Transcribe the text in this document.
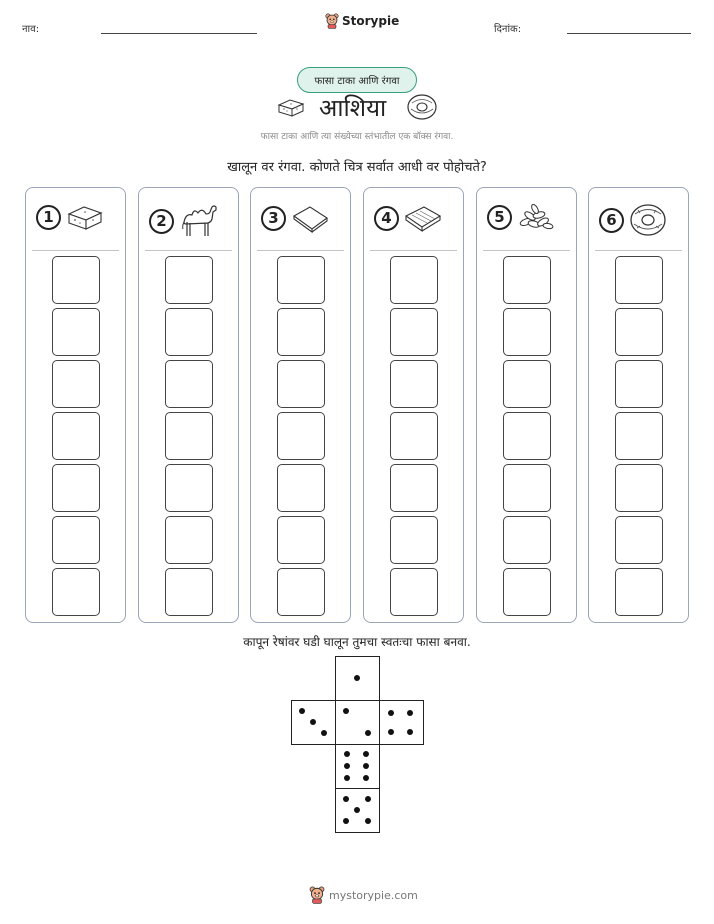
नाव:
Storypie
दिनांक:
फासा टाका आणि रंगवा
आशिया
फासा टाका आणि त्या संख्येच्या स्तंभातील एक बॉक्स रंगवा.
खालून वर रंगवा. कोणते चित्र सर्वात आधी वर पोहोचते?
1	2	3	4	5	6
कापून रेषांवर घडी घालून तुमचा स्वतःचा फासा बनवा.
mystorypie.com
